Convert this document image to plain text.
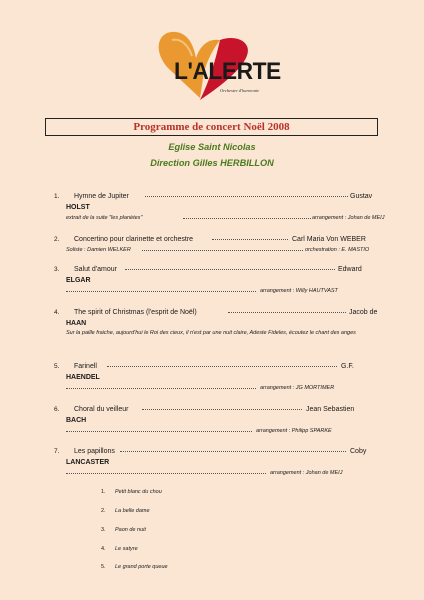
L'ALERTE
Orchestre d'harmonie
Programme de concert Noël 2008
Eglise Saint Nicolas
Direction Gilles HERBILLON
1. Hymne de Jupiter	Gustav
HOLST
extrait de la suite "les planètes"	arrangement : Johan de MEIJ
2. Concertino pour clarinette et orchestre	Carl Maria Von WEBER
Soliste : Damien WELKER	orchestration : E. MASTIO
3. Salut d'amour	Edward
ELGAR
arrangement : Willy HAUTVAST
4. The spirit of Christmas (l'esprit de Noël)	Jacob de
HAAN
Sur la paille fraiche, aujourd'hui le Roi des cieux, il n'est par une nuit claire, Adeste Fideles, écoutez le chant des anges
5. Farinell	G.F.
HAENDEL
arrangement : JG MORTIMER
6. Choral du veilleur	Jean Sebastien
BACH
arrangement : Philipp SPARKE
7. Les papillons	Coby
LANCASTER
arrangement : Johan de MEIJ
1. Petit blanc du chou
2. La belle dame
3. Paon de nuit
4. Le satyre
5. Le grand porte queue
